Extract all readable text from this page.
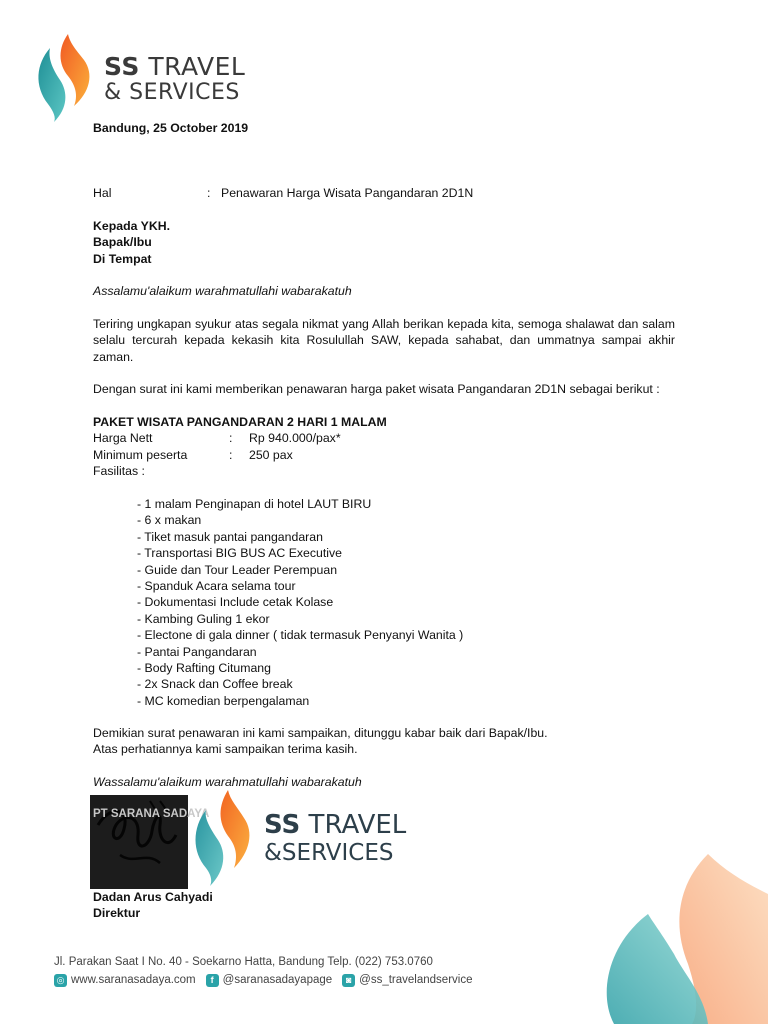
SS TRAVEL
& SERVICES
Bandung, 25 October 2019
Hal	: Penawaran Harga Wisata Pangandaran 2D1N
Kepada YKH.
Bapak/Ibu
Di Tempat
Assalamu'alaikum warahmatullahi wabarakatuh
Teriring ungkapan syukur atas segala nikmat yang Allah berikan kepada kita, semoga shalawat dan salam selalu tercurah kepada kekasih kita Rosulullah SAW, kepada sahabat, dan ummatnya sampai akhir zaman.
Dengan surat ini kami memberikan penawaran harga paket wisata Pangandaran 2D1N sebagai berikut :
PAKET WISATA PANGANDARAN 2 HARI 1 MALAM
Harga Nett	:	Rp 940.000/pax*
Minimum peserta	:	250 pax
Fasilitas :
- 1 malam Penginapan di hotel LAUT BIRU
- 6 x makan
- Tiket masuk pantai pangandaran
- Transportasi BIG BUS AC Executive
- Guide dan Tour Leader Perempuan
- Spanduk Acara selama tour
- Dokumentasi Include cetak Kolase
- Kambing Guling 1 ekor
- Electone di gala dinner ( tidak termasuk Penyanyi Wanita )
- Pantai Pangandaran
- Body Rafting Citumang
- 2x Snack dan Coffee break
- MC komedian berpengalaman
Demikian surat penawaran ini kami sampaikan, ditunggu kabar baik dari Bapak/Ibu.
Atas perhatiannya kami sampaikan terima kasih.
Wassalamu'alaikum warahmatullahi wabarakatuh
PT SARANA SADAYA SS TRAVEL
&SERVICES
Dadan Arus Cahyadi
Direktur
Jl. Parakan Saat I No. 40 - Soekarno Hatta, Bandung Telp. (022) 753.0760
◎ www.saranasadaya.com	f @saranasadayapage	◙ @ss_travelandservice
